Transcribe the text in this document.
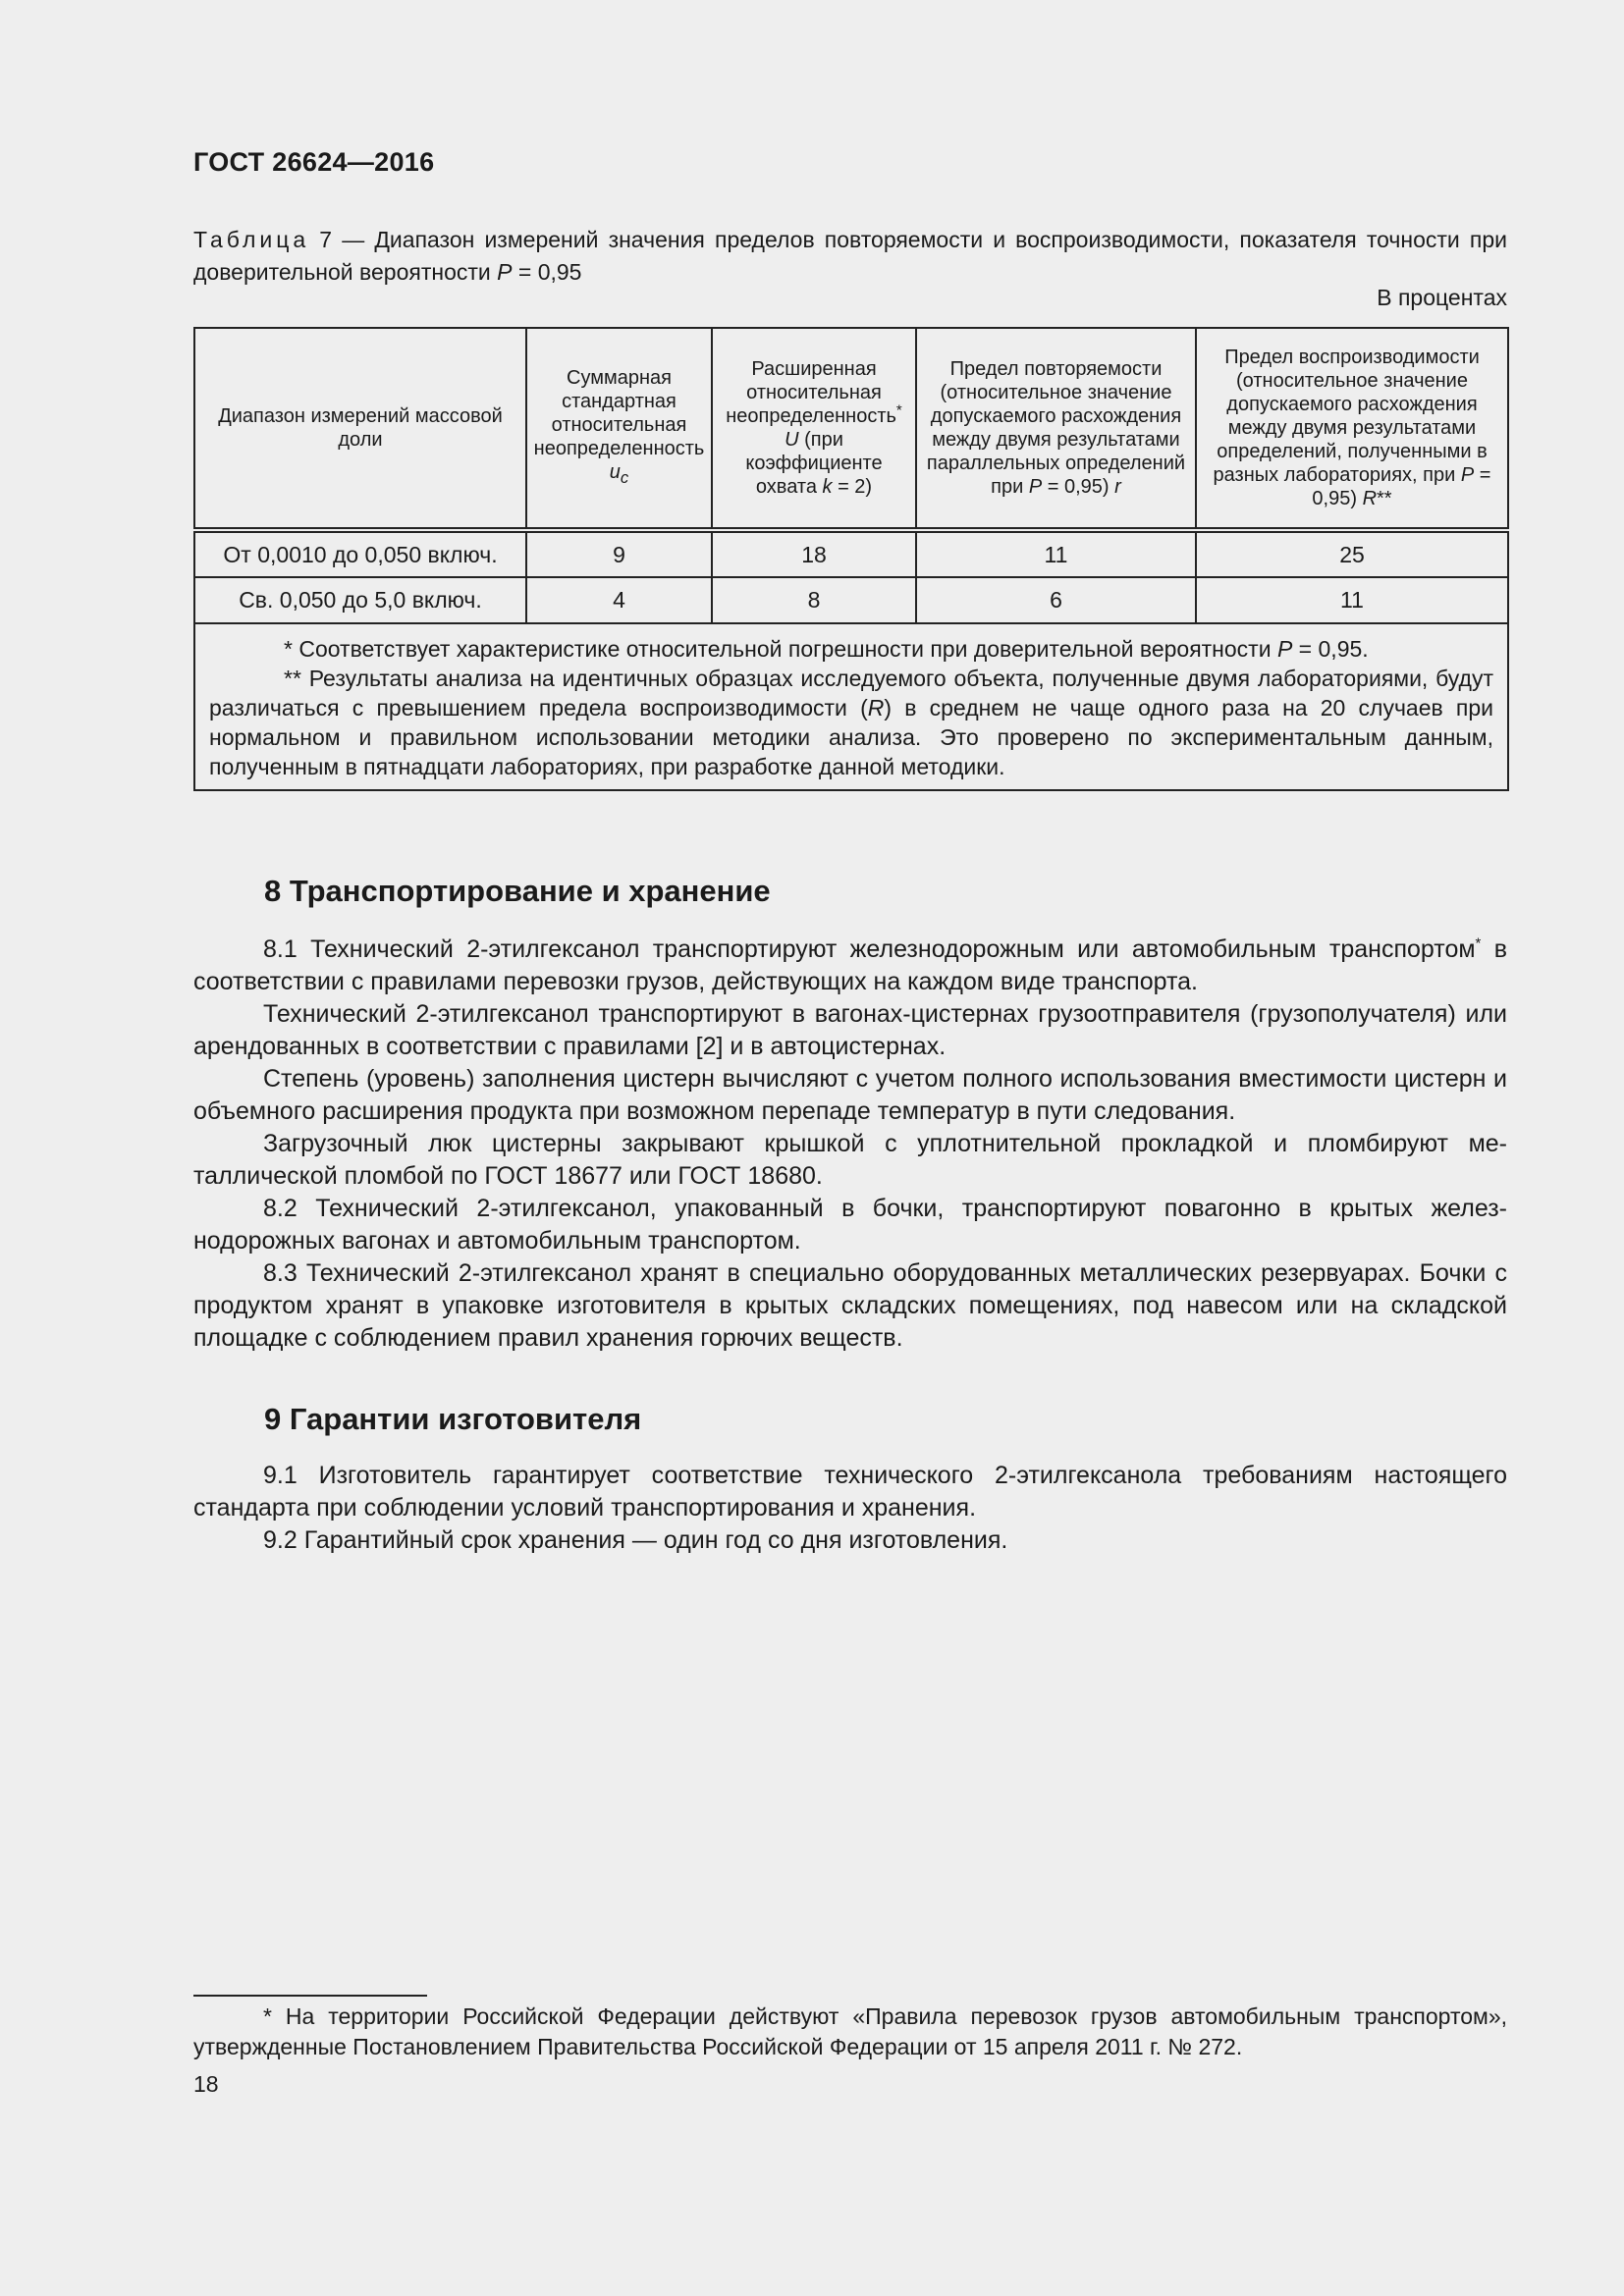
ГОСТ 26624—2016
Таблица 7 — Диапазон измерений значения пределов повторяемости и воспроизводимости, показателя точности при доверительной вероятности P = 0,95
В процентах
Диапазон измерений массовой доли	Суммарная стандартная относительная неопределенность $u_c$	Расширенная относительная неопределенность* U (при коэффициенте охвата k = 2)	Предел повторяемости (относительное значение допускаемого расхождения между двумя результатами параллельных определений при P = 0,95) r	Предел воспроизводимости (относительное значение допускаемого расхождения между двумя результатами определений, полученными в разных лабораториях, при P = 0,95) R**
От 0,0010 до 0,050 включ.	9	18	11	25
Св. 0,050 до 5,0 включ.	4	8	6	11

* Соответствует характеристике относительной погрешности при доверительной вероятности P = 0,95.

** Результаты анализа на идентичных образцах исследуемого объекта, полученные двумя лабораториями, будут различаться с превышением предела воспроизводимости (R) в среднем не чаще одного раза на 20 случаев при нормальном и правильном использовании методики анализа. Это проверено по экспериментальным данным, полученным в пятнадцати лабораториях, при разработке данной методики.				

8 Транспортирование и хранение

8.1 Технический 2-этилгексанол транспортируют железнодорожным или автомобильным транспортом* в соответствии с правилами перевозки грузов, действующих на каждом виде транспорта.

Технический 2-этилгексанол транспортируют в вагонах-цистернах грузоотправителя (грузополучателя) или арендованных в соответствии с правилами [2] и в автоцистернах.

Степень (уровень) заполнения цистерн вычисляют с учетом полного использования вместимости цистерн и объемного расширения продукта при возможном перепаде температур в пути следования.

Загрузочный люк цистерны закрывают крышкой с уплотнительной прокладкой и пломбируют металлической пломбой по ГОСТ 18677 или ГОСТ 18680.

8.2 Технический 2-этилгексанол, упакованный в бочки, транспортируют повагонно в крытых железнодорожных вагонах и автомобильным транспортом.

8.3 Технический 2-этилгексанол хранят в специально оборудованных металлических резервуарах. Бочки с продуктом хранят в упаковке изготовителя в крытых складских помещениях, под навесом или на складской площадке с соблюдением правил хранения горючих веществ.

9 Гарантии изготовителя

9.1 Изготовитель гарантирует соответствие технического 2-этилгексанола требованиям настоящего стандарта при соблюдении условий транспортирования и хранения.

9.2 Гарантийный срок хранения — один год со дня изготовления.

* На территории Российской Федерации действуют «Правила перевозок грузов автомобильным транспортом», утвержденные Постановлением Правительства Российской Федерации от 15 апреля 2011 г. № 272.

18
